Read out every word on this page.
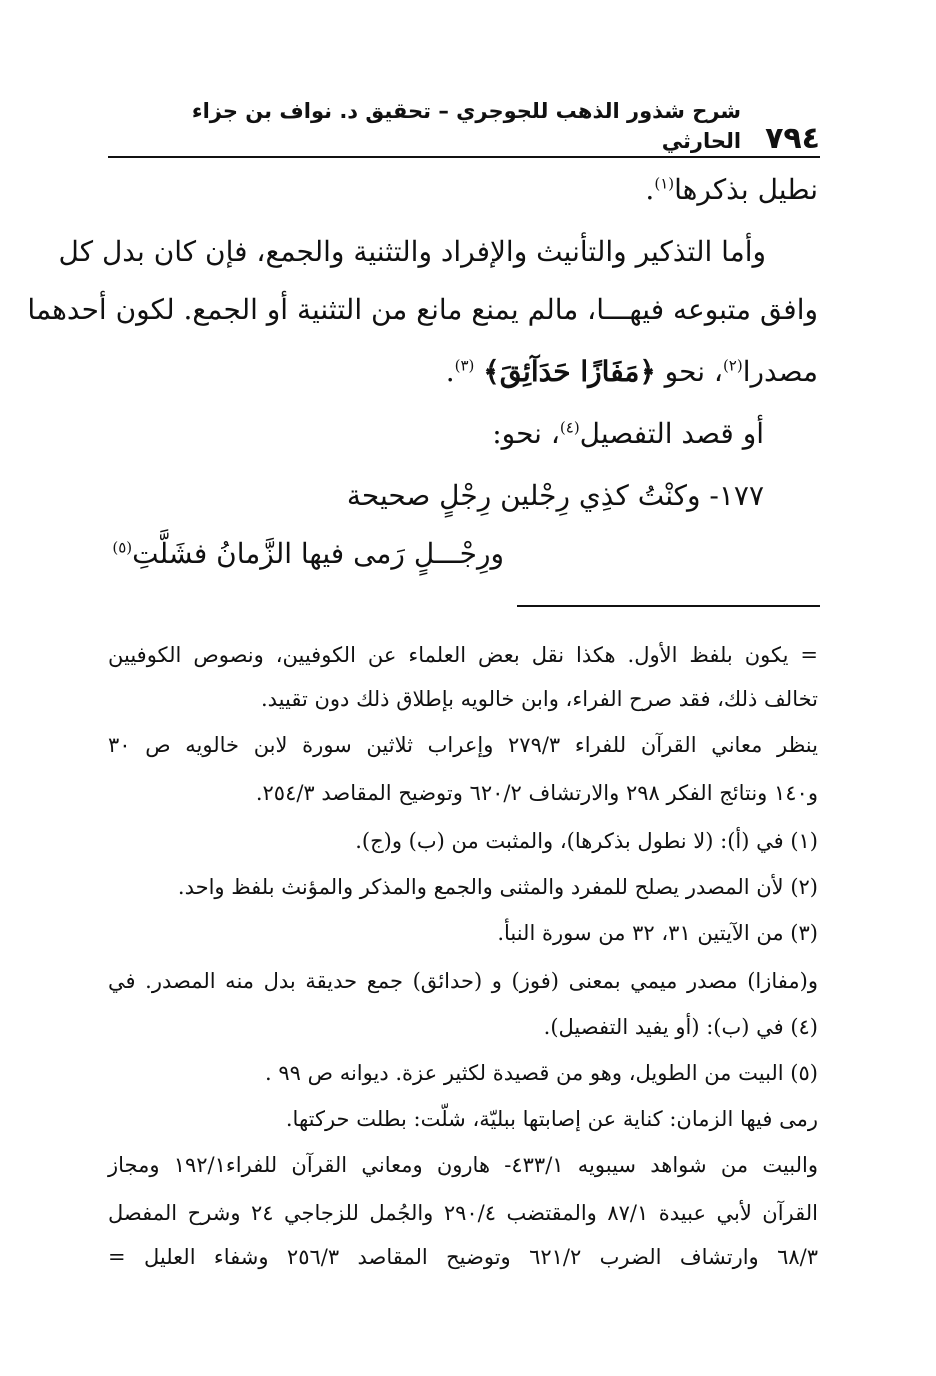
٧٩٤
شرح شذور الذهب للجوجري – تحقيق د. نواف بن جزاء الحارثي
نطيل بذكرها$^{(١)}$.
وأما التذكير والتأنيث والإفراد والتثنية والجمع، فإن كان بدل كل
وافق متبوعه فيهـــا، مالم يمنع مانع من التثنية أو الجمع. لكون أحدهما
مصدرا$^{(٢)}$، نحو ﴿مَفَازًا حَدَآئِقَ﴾ $^{(٣)}$.
أو قصد التفصيل$^{(٤)}$، نحو:
١٧٧- وكنْتُ كذِي رِجْلين رِجْلٍ صحيحة
ورِجْـــلٍ رَمى فيها الزَّمانُ فشَلَّتِ$^{(٥)}$
= يكون بلفظ الأول. هكذا نقل بعض العلماء عن الكوفيين، ونصوص الكوفيين
تخالف ذلك، فقد صرح الفراء، وابن خالويه بإطلاق ذلك دون تقييد.
ينظر معاني القرآن للفراء ٢٧٩/٣ وإعراب ثلاثين سورة لابن خالويه ص ٣٠
و١٤٠ ونتائج الفكر ٢٩٨ والارتشاف ٦٢٠/٢ وتوضيح المقاصد ٢٥٤/٣.
(١) في (أ): (لا نطول بذكرها)، والمثبت من (ب) و(ج).
(٢) لأن المصدر يصلح للمفرد والمثنى والجمع والمذكر والمؤنث بلفظ واحد.
(٣) من الآيتين ٣١، ٣٢ من سورة النبأ.
و(مفازا) مصدر ميمي بمعنى (فوز) و (حدائق) جمع حديقة بدل منه المصدر. في
(٤) في (ب): (أو يفيد التفصيل).
(٥) البيت من الطويل، وهو من قصيدة لكثير عزة. ديوانه ص ٩٩ .
رمى فيها الزمان: كناية عن إصابتها ببليّة، شلّت: بطلت حركتها.
والبيت من شواهد سيبويه ٤٣٣/١- هارون ومعاني القرآن للفراء١٩٢/١ ومجاز
القرآن لأبي عبيدة ٨٧/١ والمقتضب ٢٩٠/٤ والجُمل للزجاجي ٢٤ وشرح المفصل
٦٨/٣ وارتشاف الضرب ٦٢١/٢ وتوضيح المقاصد ٢٥٦/٣ وشفاء العليل =
